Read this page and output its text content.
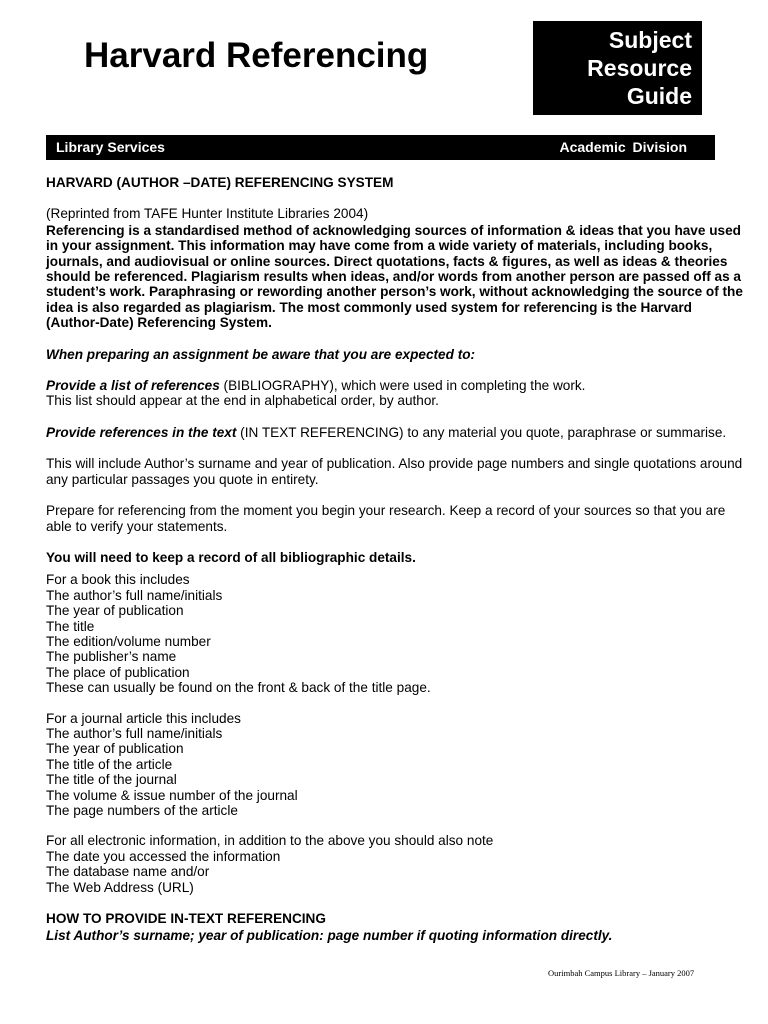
Harvard Referencing	Subject
Resource
Guide
Library Services	Academic Division

HARVARD (AUTHOR –DATE) REFERENCING SYSTEM

(Reprinted from TAFE Hunter Institute Libraries 2004)

Referencing is a standardised method of acknowledging sources of information & ideas that you have used in your assignment. This information may have come from a wide variety of materials, including books, journals, and audiovisual or online sources. Direct quotations, facts & figures, as well as ideas & theories should be referenced. Plagiarism results when ideas, and/or words from another person are passed off as a student’s work. Paraphrasing or rewording another person’s work, without acknowledging the source of the idea is also regarded as plagiarism. The most commonly used system for referencing is the Harvard (Author-Date) Referencing System.

When preparing an assignment be aware that you are expected to:

Provide a list of references (BIBLIOGRAPHY), which were used in completing the work.

This list should appear at the end in alphabetical order, by author.

Provide references in the text (IN TEXT REFERENCING) to any material you quote, paraphrase or summarise.

This will include Author’s surname and year of publication. Also provide page numbers and single quotations around any particular passages you quote in entirety.

Prepare for referencing from the moment you begin your research. Keep a record of your sources so that you are able to verify your statements.

You will need to keep a record of all bibliographic details.

For a book this includes

The author’s full name/initials

The year of publication

The title

The edition/volume number

The publisher’s name

The place of publication

These can usually be found on the front & back of the title page.

For a journal article this includes

The author’s full name/initials

The year of publication

The title of the article

The title of the journal

The volume & issue number of the journal

The page numbers of the article

For all electronic information, in addition to the above you should also note

The date you accessed the information

The database name and/or

The Web Address (URL)

HOW TO PROVIDE IN-TEXT REFERENCING

List Author’s surname; year of publication: page number if quoting information directly.

Ourimbah Campus Library – January 2007
